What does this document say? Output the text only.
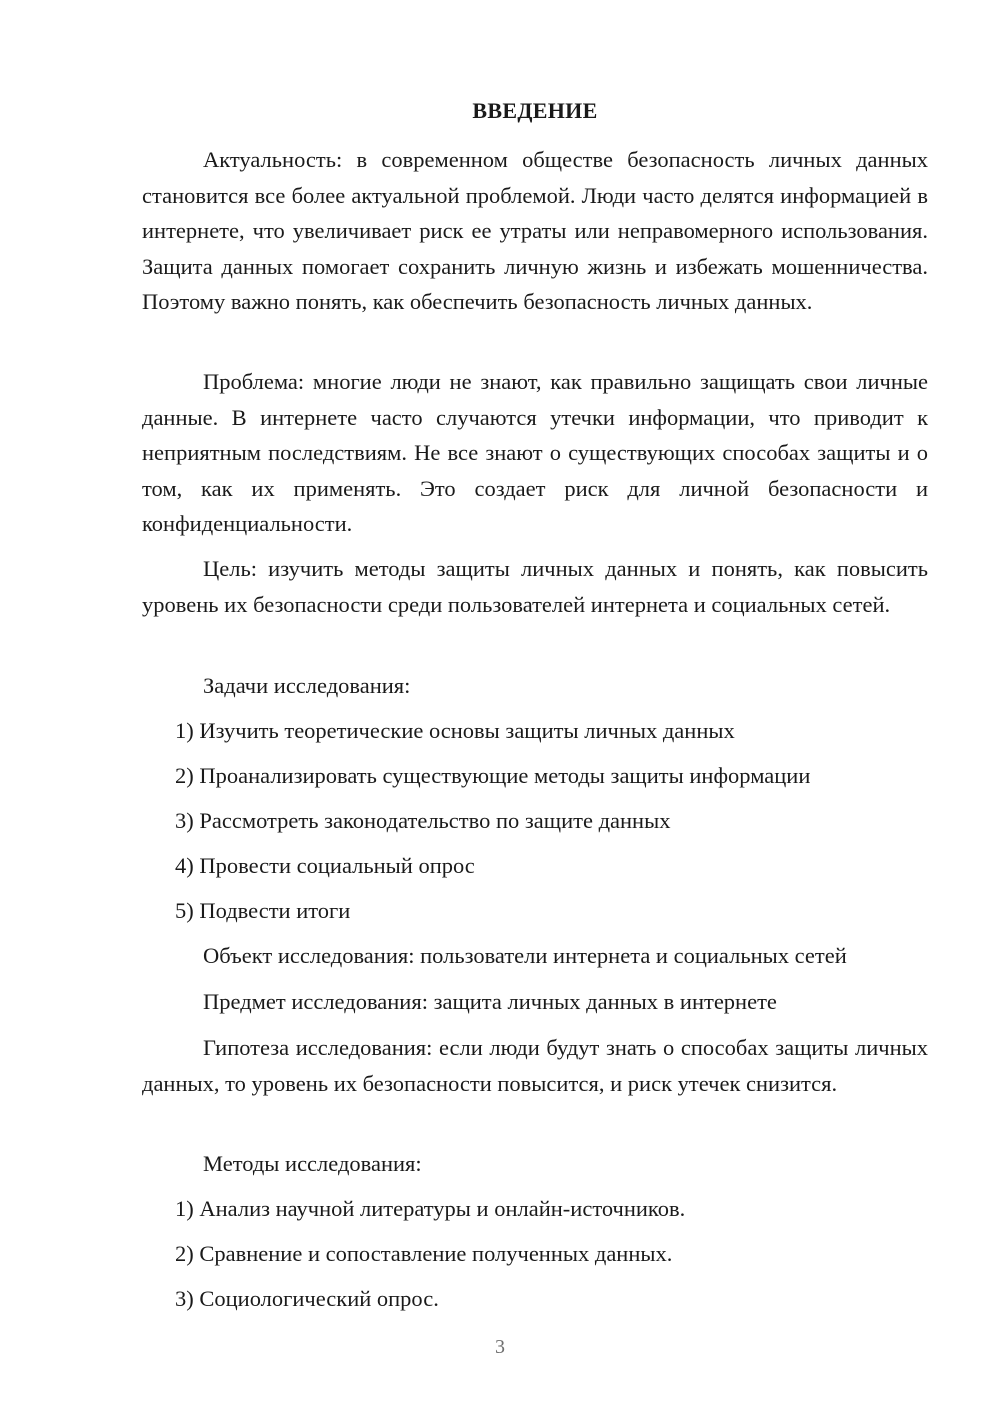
ВВЕДЕНИЕ

Актуальность: в современном обществе безопасность личных данных становится все более актуальной проблемой. Люди часто делятся информацией в интернете, что увеличивает риск ее утраты или неправомерного использования. Защита данных помогает сохранить личную жизнь и избежать мошенничества. Поэтому важно понять, как обеспечить безопасность личных данных.

Проблема: многие люди не знают, как правильно защищать свои личные данные. В интернете часто случаются утечки информации, что приводит к неприятным последствиям. Не все знают о существующих способах защиты и о том, как их применять. Это создает риск для личной безопасности и конфиденциальности.

Цель: изучить методы защиты личных данных и понять, как повысить уровень их безопасности среди пользователей интернета и социальных сетей.

Задачи исследования:
1) Изучить теоретические основы защиты личных данных
2) Проанализировать существующие методы защиты информации
3) Рассмотреть законодательство по защите данных
4) Провести социальный опрос
5) Подвести итоги
Объект исследования: пользователи интернета и социальных сетей
Предмет исследования: защита личных данных в интернете

Гипотеза исследования: если люди будут знать о способах защиты личных данных, то уровень их безопасности повысится, и риск утечек снизится.

Методы исследования:
1) Анализ научной литературы и онлайн-источников.
2) Сравнение и сопоставление полученных данных.
3) Социологический опрос.
3
